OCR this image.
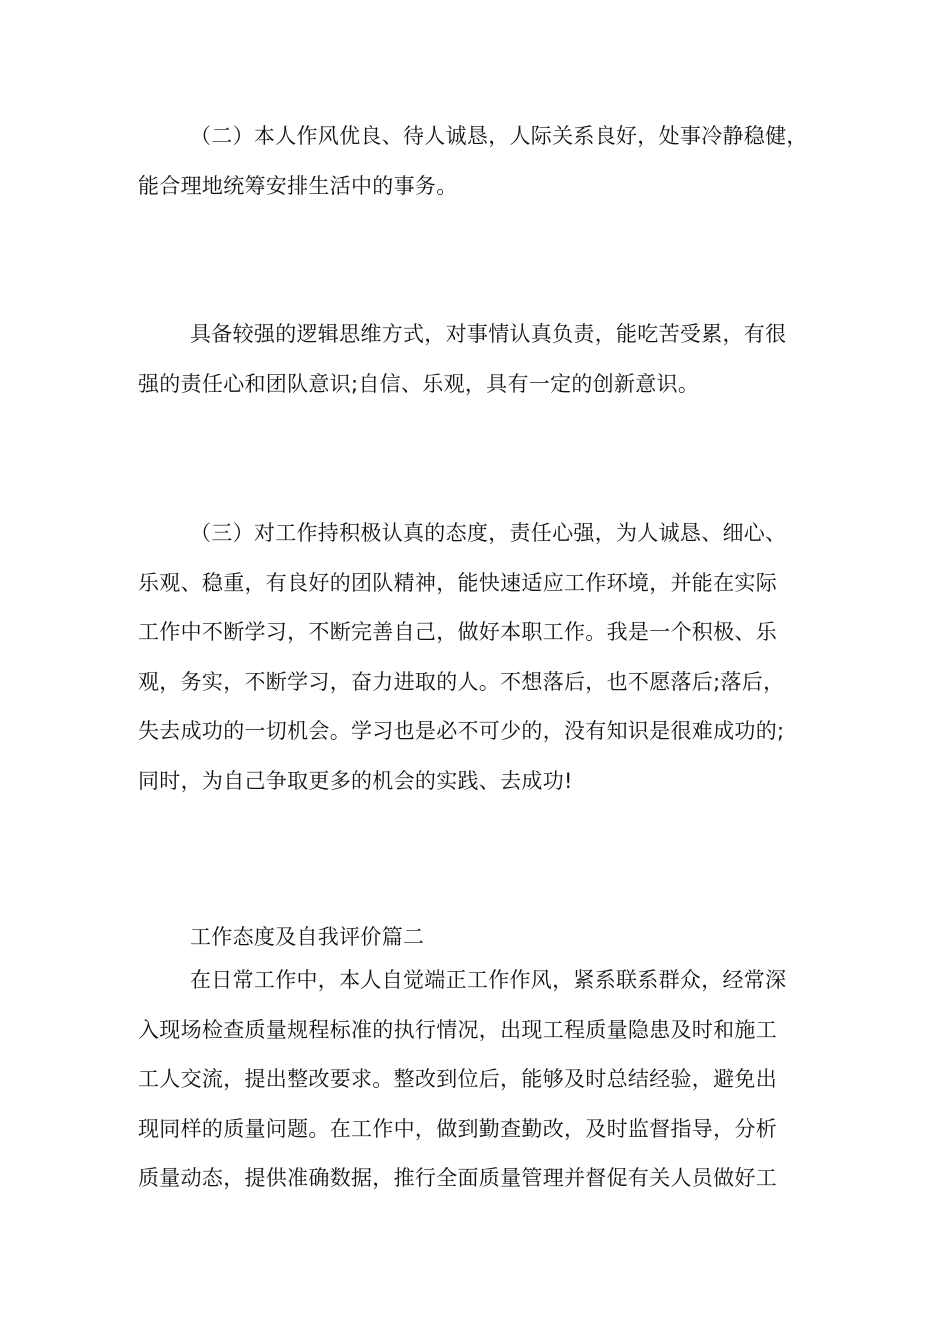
（二）本人作风优良、待人诚恳，人际关系良好，处事冷静稳健，
能合理地统筹安排生活中的事务。
具备较强的逻辑思维方式，对事情认真负责，能吃苦受累，有很
强的责任心和团队意识;自信、乐观，具有一定的创新意识。
（三）对工作持积极认真的态度，责任心强，为人诚恳、细心、
乐观、稳重，有良好的团队精神，能快速适应工作环境，并能在实际
工作中不断学习，不断完善自己，做好本职工作。我是一个积极、乐
观，务实，不断学习，奋力进取的人。不想落后，也不愿落后;落后，
失去成功的一切机会。学习也是必不可少的，没有知识是很难成功的;
同时，为自己争取更多的机会的实践、去成功!
工作态度及自我评价篇二
在日常工作中，本人自觉端正工作作风，紧系联系群众，经常深
入现场检查质量规程标准的执行情况，出现工程质量隐患及时和施工
工人交流，提出整改要求。整改到位后，能够及时总结经验，避免出
现同样的质量问题。在工作中，做到勤查勤改，及时监督指导，分析
质量动态，提供准确数据，推行全面质量管理并督促有关人员做好工
